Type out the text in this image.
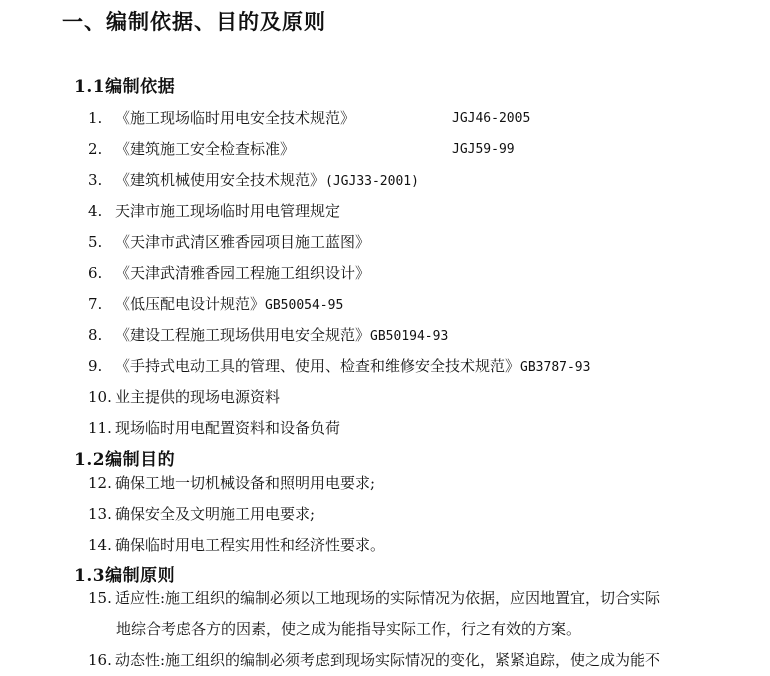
一、编制依据、目的及原则
1.1编制依据
1. 《施工现场临时用电安全技术规范》	JGJ46-2005
2. 《建筑施工安全检查标准》	JGJ59-99
3. 《建筑机械使用安全技术规范》(JGJ33-2001)
4. 天津市施工现场临时用电管理规定
5. 《天津市武清区雅香园项目施工蓝图》
6. 《天津武清雅香园工程施工组织设计》
7. 《低压配电设计规范》GB50054-95
8. 《建设工程施工现场供用电安全规范》GB50194-93
9. 《手持式电动工具的管理、使用、检查和维修安全技术规范》GB3787-93
10. 业主提供的现场电源资料
11. 现场临时用电配置资料和设备负荷
1.2编制目的
12. 确保工地一切机械设备和照明用电要求;
13. 确保安全及文明施工用电要求;
14. 确保临时用电工程实用性和经济性要求。
1.3编制原则
15. 适应性:施工组织的编制必须以工地现场的实际情况为依据，应因地置宜，切合实际
地综合考虑各方的因素，使之成为能指导实际工作，行之有效的方案。
16. 动态性:施工组织的编制必须考虑到现场实际情况的变化，紧紧追踪，使之成为能不
